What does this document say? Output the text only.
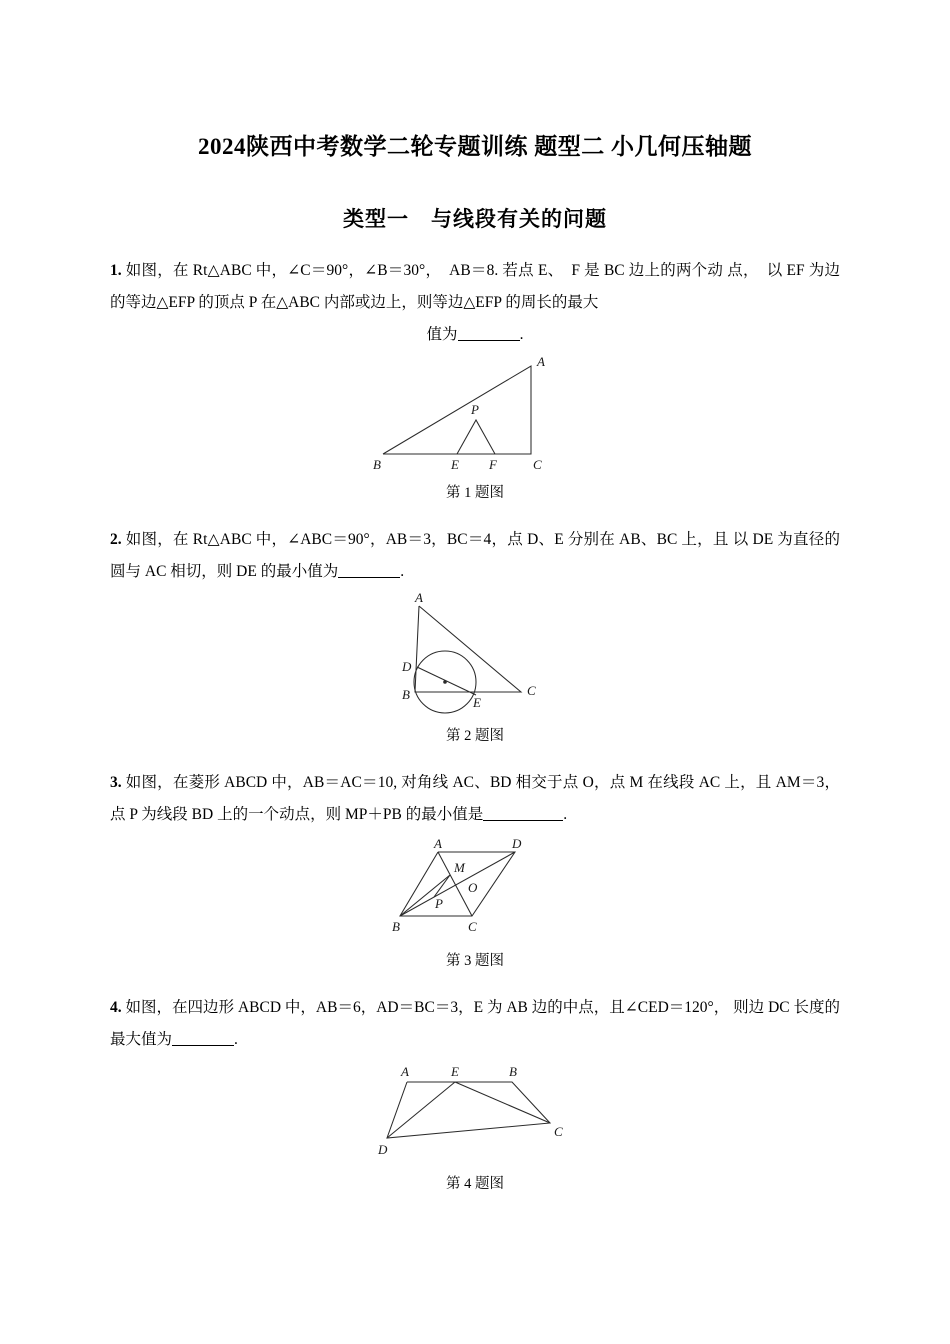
2024陕西中考数学二轮专题训练 题型二 小几何压轴题
类型一　与线段有关的问题

1. 如图，在 Rt△ABC 中，∠C＝90°，∠B＝30°，　AB＝8. 若点 E、　F 是 BC 边上的两个动 点，　以 EF 为边的等边△EFP 的顶点 P 在△ABC 内部或边上，则等边△EFP 的周长的最大

值为	.

A
P
B	E F	C
第 1 题图

2. 如图，在 Rt△ABC 中，∠ABC＝90°，AB＝3，BC＝4，点 D、E 分别在 AB、BC 上，且 以 DE 为直径的圆与 AC 相切，则 DE 的最小值为	.

A
D
B
E
C
第 2 题图

3. 如图，在菱形 ABCD 中，AB＝AC＝10, 对角线 AC、BD 相交于点 O，点 M 在线段 AC 上，且 AM＝3，点 P 为线段 BD 上的一个动点，则 MP＋PB 的最小值是	.

A	D
M
O
P
B	C
第 3 题图

4. 如图，在四边形 ABCD 中，AB＝6，AD＝BC＝3，E 为 AB 边的中点，且∠CED＝120°， 则边 DC 长度的最大值为	.

A	E	B
D
C
第 4 题图
